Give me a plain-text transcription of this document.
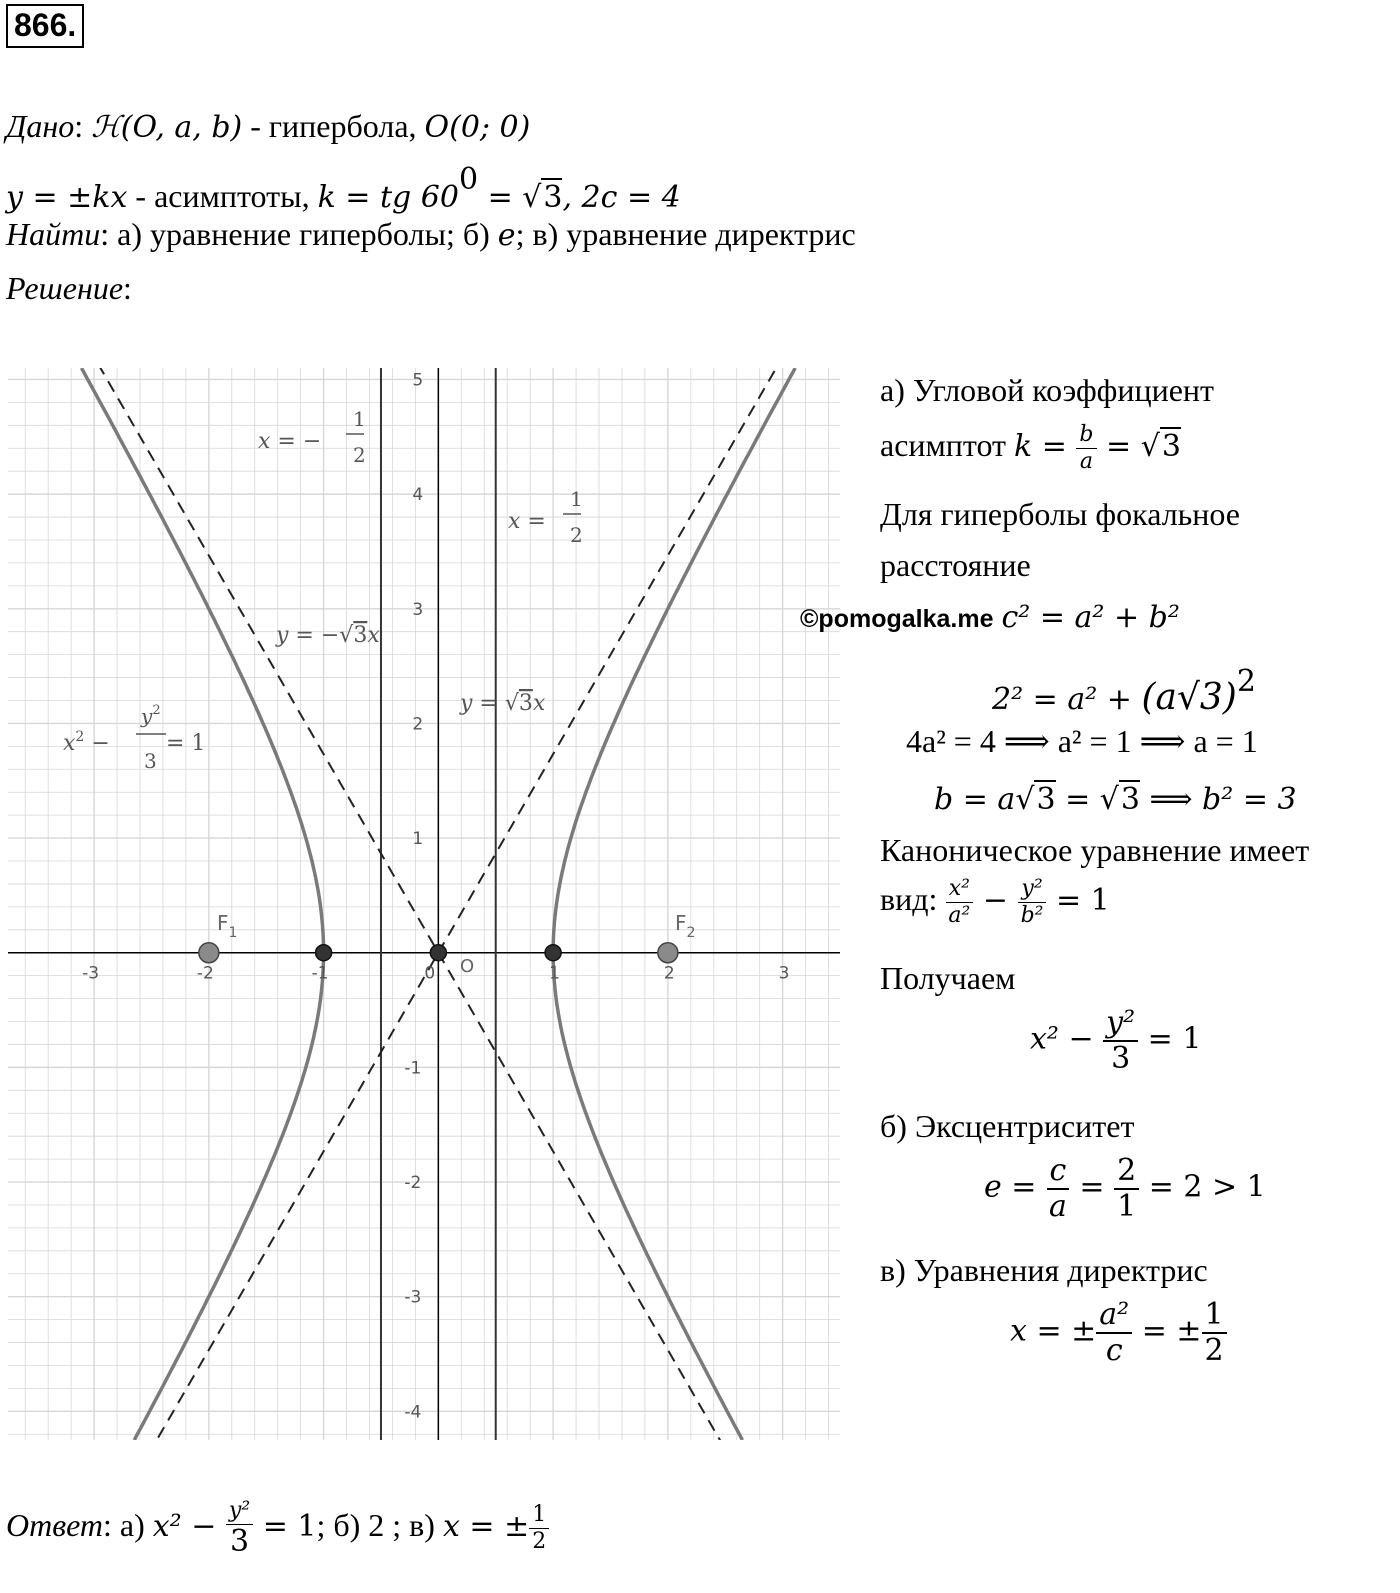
866.
Дано: ℋ(O, a, b) - гипербола, O(0; 0)
y = ±kx - асимптоты, k = tg $60^0 = √3$, 2c = 4
Найти: а) уравнение гиперболы; б) e; в) уравнение директрис
Решение:
-3	-2	-1	0	1	2	3
-4
-3
-2
-1
1
2
3
4
5
x = −
1
2
x =
1
2
y = −√3x
y = √3x
$x^2$ −
$y^2$
3
= 1
$F_1$	$F_2$
O
а) Угловой коэффициент
асимптот $k = \frac{b}{a} = √3$
Для гиперболы фокальное
расстояние
©pomogalka.me c² = a² + b²
$2^2 = a^2 + (a√3)^2$
4a² = 4 ⟹ a² = 1 ⟹ a = 1
b = a√3 = √3 ⟹ b² = 3
Каноническое уравнение имеет
вид: $\frac{\text{x²}}{\text{a²}} - \frac{\text{y²}}{\text{b²}} = 1$
Получаем
$x^2 - \frac{\text{y²}}{3} = 1$
б) Эксцентриситет
$e = \frac{c}{a} = \frac{2}{1} = 2 > 1$
в) Уравнения директрис
x = ± $\frac{\text{a²}}{c}$ = ± $\frac{1}{2}$
Ответ: а) $x^2 - \frac{\text{y²}}{3} = 1$; б) 2 ; в) x = ± $\frac{1}{2}$
